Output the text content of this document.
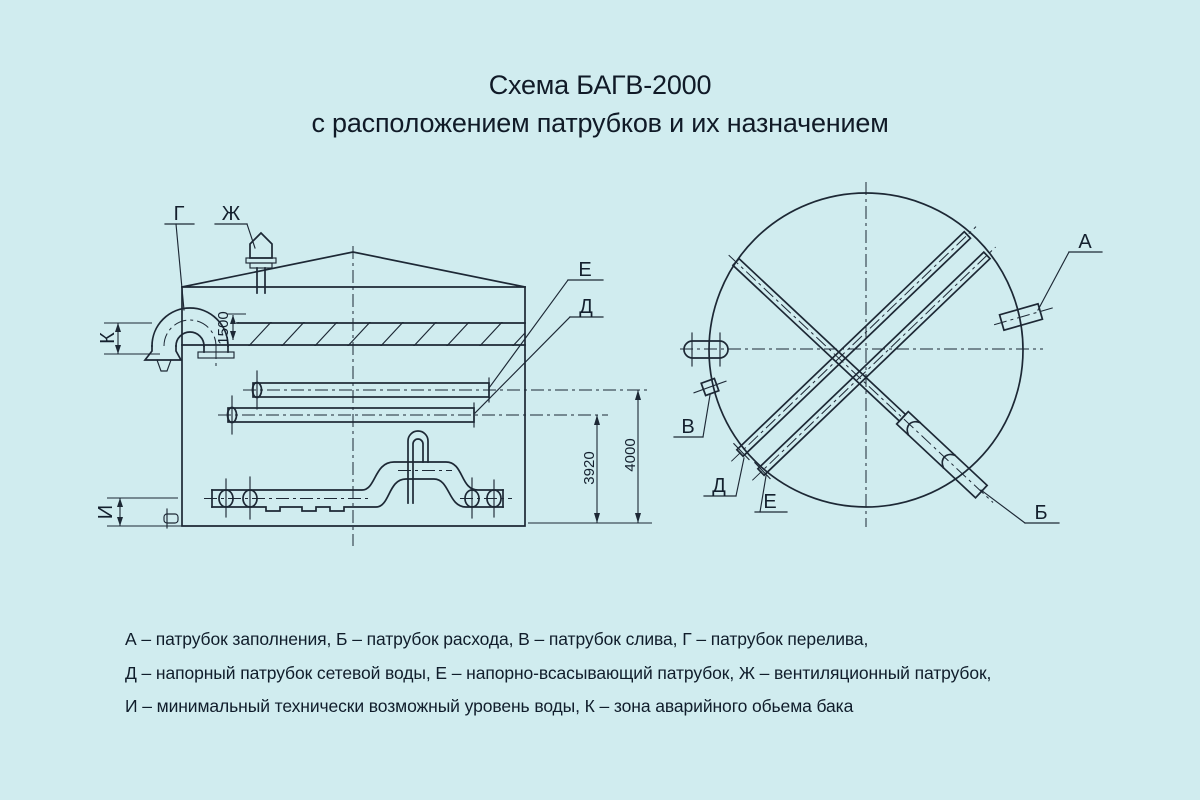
Схема БАГВ-2000
с расположением патрубков и их назначением
1500
К
И
3920 4000
Г Ж
Е
Д
А
Б
В
Д
Е
А – патрубок заполнения, Б – патрубок расхода, В – патрубок слива, Г – патрубок перелива,
Д – напорный патрубок сетевой воды, Е – напорно-всасывающий патрубок, Ж – вентиляционный патрубок,
И – минимальный технически возможный уровень воды, К – зона аварийного обьема бака
